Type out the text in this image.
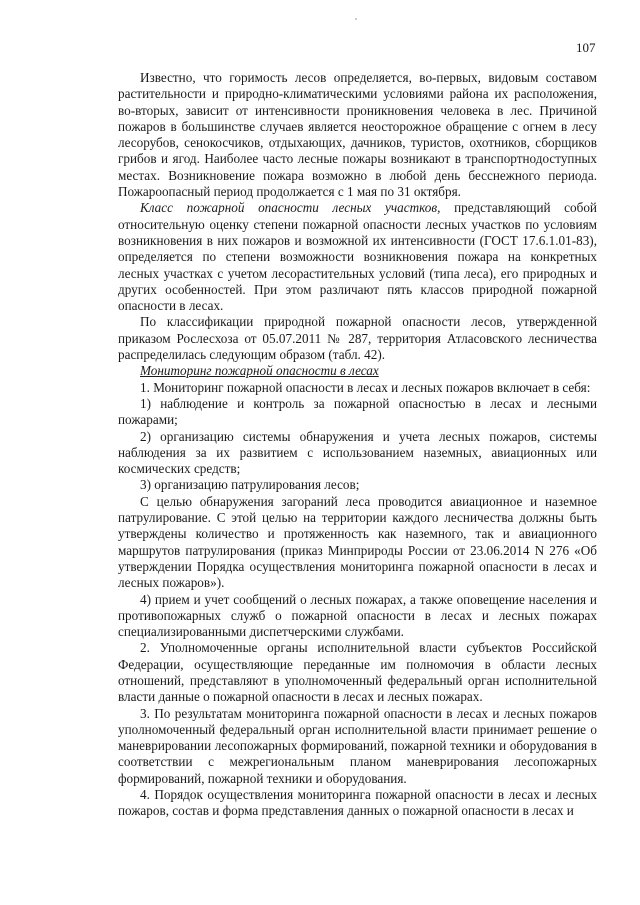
107

Известно, что горимость лесов определяется, во-первых, видовым составом растительности и природно-климатическими условиями района их расположения, во-вторых, зависит от интенсивности проникновения человека в лес. Причиной пожаров в большинстве случаев является неосторожное обращение с огнем в лесу лесорубов, сенокосчиков, отдыхающих, дачников, туристов, охотников, сборщиков грибов и ягод. Наиболее часто лесные пожары возникают в транспортнодоступных местах. Возникновение пожара возможно в любой день бесснежного периода. Пожароопасный период продолжается с 1 мая по 31 октября.

Класс пожарной опасности лесных участков, представляющий собой относительную оценку степени пожарной опасности лесных участков по условиям возникновения в них пожаров и возможной их интенсивности (ГОСТ 17.6.1.01-83), определяется по степени возможности возникновения пожара на конкретных лесных участках с учетом лесорастительных условий (типа леса), его природных и других особенностей. При этом различают пять классов природной пожарной опасности в лесах.

По классификации природной пожарной опасности лесов, утвержденной приказом Рослесхоза от 05.07.2011 № 287, территория Атласовского лесничества распределилась следующим образом (табл. 42).

Мониторинг пожарной опасности в лесах

1. Мониторинг пожарной опасности в лесах и лесных пожаров включает в себя:

1) наблюдение и контроль за пожарной опасностью в лесах и лесными пожарами;

2) организацию системы обнаружения и учета лесных пожаров, системы наблюдения за их развитием с использованием наземных, авиационных или космических средств;

3) организацию патрулирования лесов;

С целью обнаружения загораний леса проводится авиационное и наземное патрулирование. С этой целью на территории каждого лесничества должны быть утверждены количество и протяженность как наземного, так и авиационного маршрутов патрулирования (приказ Минприроды России от 23.06.2014 N 276 «Об утверждении Порядка осуществления мониторинга пожарной опасности в лесах и лесных пожаров»).

4) прием и учет сообщений о лесных пожарах, а также оповещение населения и противопожарных служб о пожарной опасности в лесах и лесных пожарах специализированными диспетчерскими службами.

2. Уполномоченные органы исполнительной власти субъектов Российской Федерации, осуществляющие переданные им полномочия в области лесных отношений, представляют в уполномоченный федеральный орган исполнительной власти данные о пожарной опасности в лесах и лесных пожарах.

3. По результатам мониторинга пожарной опасности в лесах и лесных пожаров уполномоченный федеральный орган исполнительной власти принимает решение о маневрировании лесопожарных формирований, пожарной техники и оборудования в соответствии с межрегиональным планом маневрирования лесопожарных формирований, пожарной техники и оборудования.

4. Порядок осуществления мониторинга пожарной опасности в лесах и лесных пожаров, состав и форма представления данных о пожарной опасности в лесах и
